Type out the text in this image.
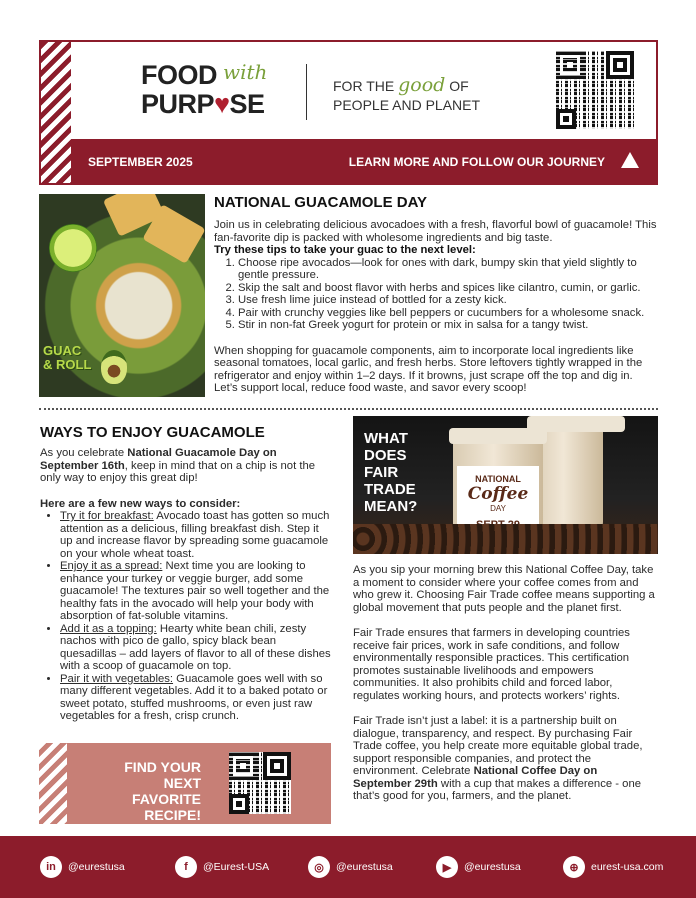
FOOD with
PURP♥SE
FOR THE good OF
PEOPLE AND PLANET
SEPTEMBER 2025	LEARN MORE AND FOLLOW OUR JOURNEY
GUAC
& ROLL
NATIONAL GUACAMOLE DAY

Join us in celebrating delicious avocadoes with a fresh, flavorful bowl of guacamole! This fan-favorite dip is packed with wholesome ingredients and big taste.

Try these tips to take your guac to the next level:

1. Choose ripe avocados—look for ones with dark, bumpy skin that yield slightly to gentle pressure.
2. Skip the salt and boost flavor with herbs and spices like cilantro, cumin, or garlic.
3. Use fresh lime juice instead of bottled for a zesty kick.
4. Pair with crunchy veggies like bell peppers or cucumbers for a wholesome snack.
5. Stir in non-fat Greek yogurt for protein or mix in salsa for a tangy twist.

When shopping for guacamole components, aim to incorporate local ingredients like seasonal tomatoes, local garlic, and fresh herbs. Store leftovers tightly wrapped in the refrigerator and enjoy within 1–2 days. If it browns, just scrape off the top and dig in. Let’s support local, reduce food waste, and savor every scoop!

WAYS TO ENJOY GUACAMOLE

As you celebrate National Guacamole Day on September 16th, keep in mind that on a chip is not the only way to enjoy this great dip!

Here are a few new ways to consider:

• Try it for breakfast: Avocado toast has gotten so much attention as a delicious, filling breakfast dish. Step it up and increase flavor by spreading some guacamole on your whole wheat toast.
• Enjoy it as a spread: Next time you are looking to enhance your turkey or veggie burger, add some guacamole! The textures pair so well together and the healthy fats in the avocado will help your body with absorption of fat-soluble vitamins.
• Add it as a topping: Hearty white bean chili, zesty nachos with pico de gallo, spicy black bean quesadillas – add layers of flavor to all of these dishes with a scoop of guacamole on top.
• Pair it with vegetables: Guacamole goes well with so many different vegetables. Add it to a baked potato or sweet potato, stuffed mushrooms, or even just raw vegetables for a fresh, crisp crunch.
FIND YOUR NEXT FAVORITE RECIPE!
WHAT DOES FAIR TRADE MEAN?
NATIONAL
Coffee
DAY

As you sip your morning brew this National Coffee Day, take a moment to consider where your coffee comes from and who grew it. Choosing Fair Trade coffee means supporting a global movement that puts people and the planet first.

Fair Trade ensures that farmers in developing countries receive fair prices, work in safe conditions, and follow environmentally responsible practices. This certification promotes sustainable livelihoods and empowers communities. It also prohibits child and forced labor, regulates working hours, and protects workers’ rights.

Fair Trade isn’t just a label: it is a partnership built on dialogue, transparency, and respect. By purchasing Fair Trade coffee, you help create more equitable global trade, support responsible companies, and protect the environment. Celebrate National Coffee Day on September 29th with a cup that makes a difference - one that’s good for you, farmers, and the planet.

in	@eurestusa	f	@Eurest-USA	◎	@eurestusa	▶	@eurestusa	⊕	eurest-usa.com
